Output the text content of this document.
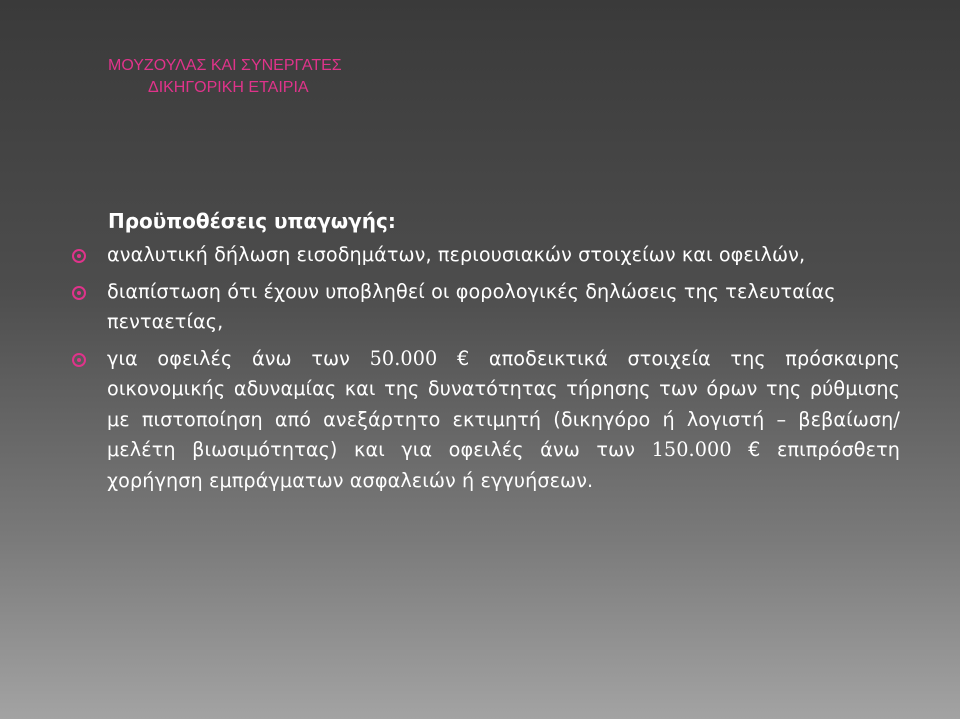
ΜΟΥΖΟΥΛΑΣ ΚΑΙ ΣΥΝΕΡΓΑΤΕΣ
ΔΙΚΗΓΟΡΙΚΗ ΕΤΑΙΡΙΑ
Προϋποθέσεις υπαγωγής:
αναλυτική δήλωση εισοδημάτων, περιουσιακών στοιχείων και οφειλών,
διαπίστωση ότι έχουν υποβληθεί οι φορολογικές δηλώσεις της τελευταίας πενταετίας,
για οφειλές άνω των 50.000 € αποδεικτικά στοιχεία της πρόσκαιρης οικονομικής αδυναμίας και της δυνατότητας τήρησης των όρων της ρύθμισης με πιστοποίηση από ανεξάρτητο εκτιμητή (δικηγόρο ή λογιστή – βεβαίωση/μελέτη βιωσιμότητας) και για οφειλές άνω των 150.000 € επιπρόσθετη χορήγηση εμπράγματων ασφαλειών ή εγγυήσεων.
